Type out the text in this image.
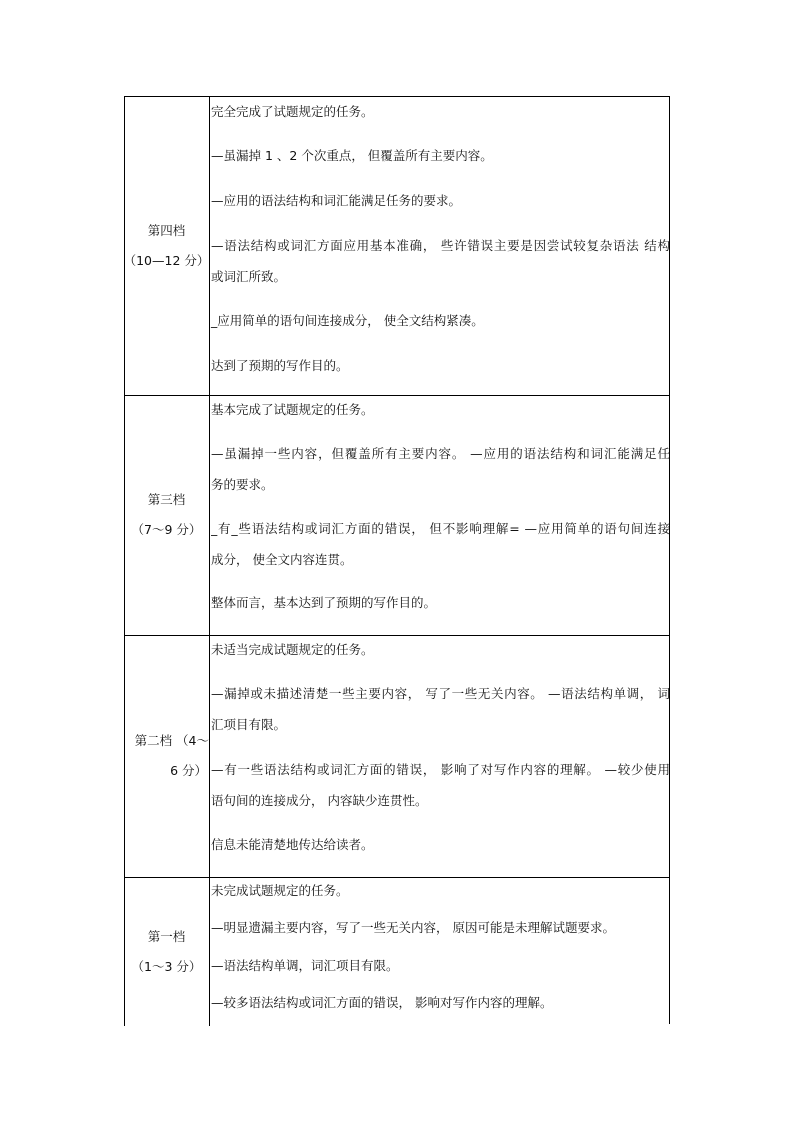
第四档
（10—12 分）
完全完成了试题规定的任务。
—虽漏掉 1 、2 个次重点， 但覆盖所有主要内容。
—应用的语法结构和词汇能满足任务的要求。
—语法结构或词汇方面应用基本准确， 些许错误主要是因尝试较复杂语法 结构
或词汇所致。
_应用简单的语句间连接成分， 使全文结构紧凑。
达到了预期的写作目的。
第三档
（7～9 分）
基本完成了试题规定的任务。
—虽漏掉一些内容，但覆盖所有主要内容。 —应用的语法结构和词汇能满足任
务的要求。
_有_些语法结构或词汇方面的错误， 但不影响理解= —应用简单的语句间连接
成分， 使全文内容连贯。
整体而言，基本达到了预期的写作目的。
第二档 （4～
6 分）
未适当完成试题规定的任务。
—漏掉或未描述清楚一些主要内容， 写了一些无关内容。 —语法结构单调， 词
汇项目有限。
—有一些语法结构或词汇方面的错误， 影响了对写作内容的理解。 —较少使用
语句间的连接成分， 内容缺少连贯性。
信息未能清楚地传达给读者。
第一档
（1～3 分）
未完成试题规定的任务。
—明显遗漏主要内容，写了一些无关内容， 原因可能是未理解试题要求。
—语法结构单调，词汇项目有限。
—较多语法结构或词汇方面的错误， 影响对写作内容的理解。
